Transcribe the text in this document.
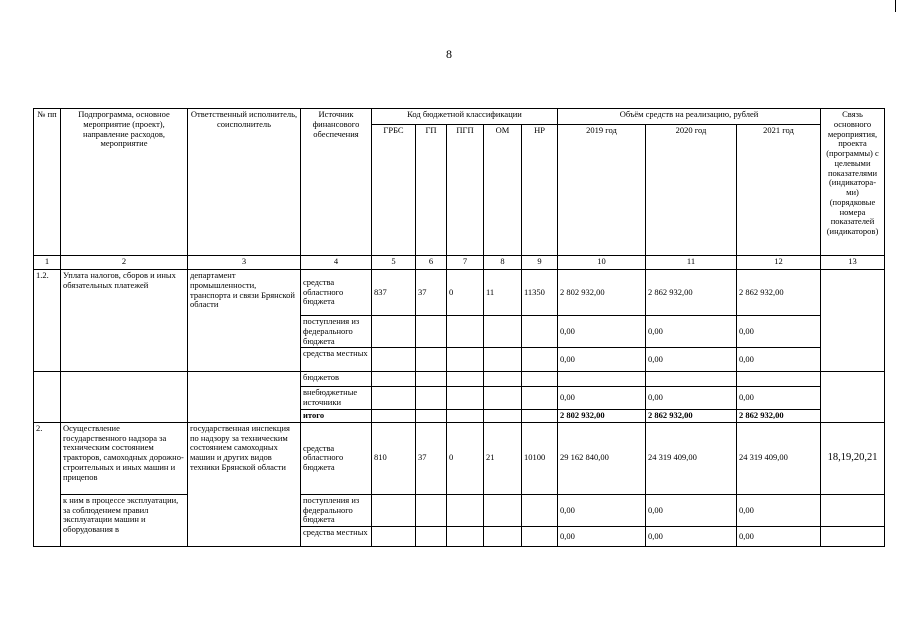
8
№ пп	Подпрограмма, основное мероприятие (проект), направление расходов, мероприятие	Ответственный исполнитель, соисполнитель	Источник финансового обеспечения	Код бюджетной классификации					Объём средств на реализацию, рублей			Связь основного мероприятия, проекта (программы) с целевыми показателями (индикатора-ми) (порядковые номера показателей (индикаторов)
				ГРБС	ГП	ПГП	ОМ	НР	2019 год	2020 год	2021 год	
1	2	3	4	5	6	7	8	9	10	11	12	13
1.2.	Уплата налогов, сборов и иных обязательных платежей	департамент промышленности, транспорта и связи Брянской области	средства областного бюджета	837	37	0	11	11350	2 802 932,00	2 862 932,00	2 862 932,00	
			поступления из федерального бюджета						0,00	0,00	0,00	
			средства местных						0,00	0,00	0,00	
			бюджетов									
			внебюджетные источники						0,00	0,00	0,00	
			итого						2 802 932,00	2 862 932,00	2 862 932,00	
2.	Осуществление государственного надзора за техническим состоянием тракторов, самоходных дорожно-строительных и иных машин и прицепов	государственная инспекция по надзору за техническим состоянием самоходных машин и других видов техники Брянской области	средства областного бюджета	810	37	0	21	10100	29 162 840,00	24 319 409,00	24 319 409,00	18,19,20,21
	к ним в процессе эксплуатации, за соблюдением правил эксплуатации машин и оборудования в		поступления из федерального бюджета						0,00	0,00	0,00	
			средства местных						0,00	0,00	0,00	
